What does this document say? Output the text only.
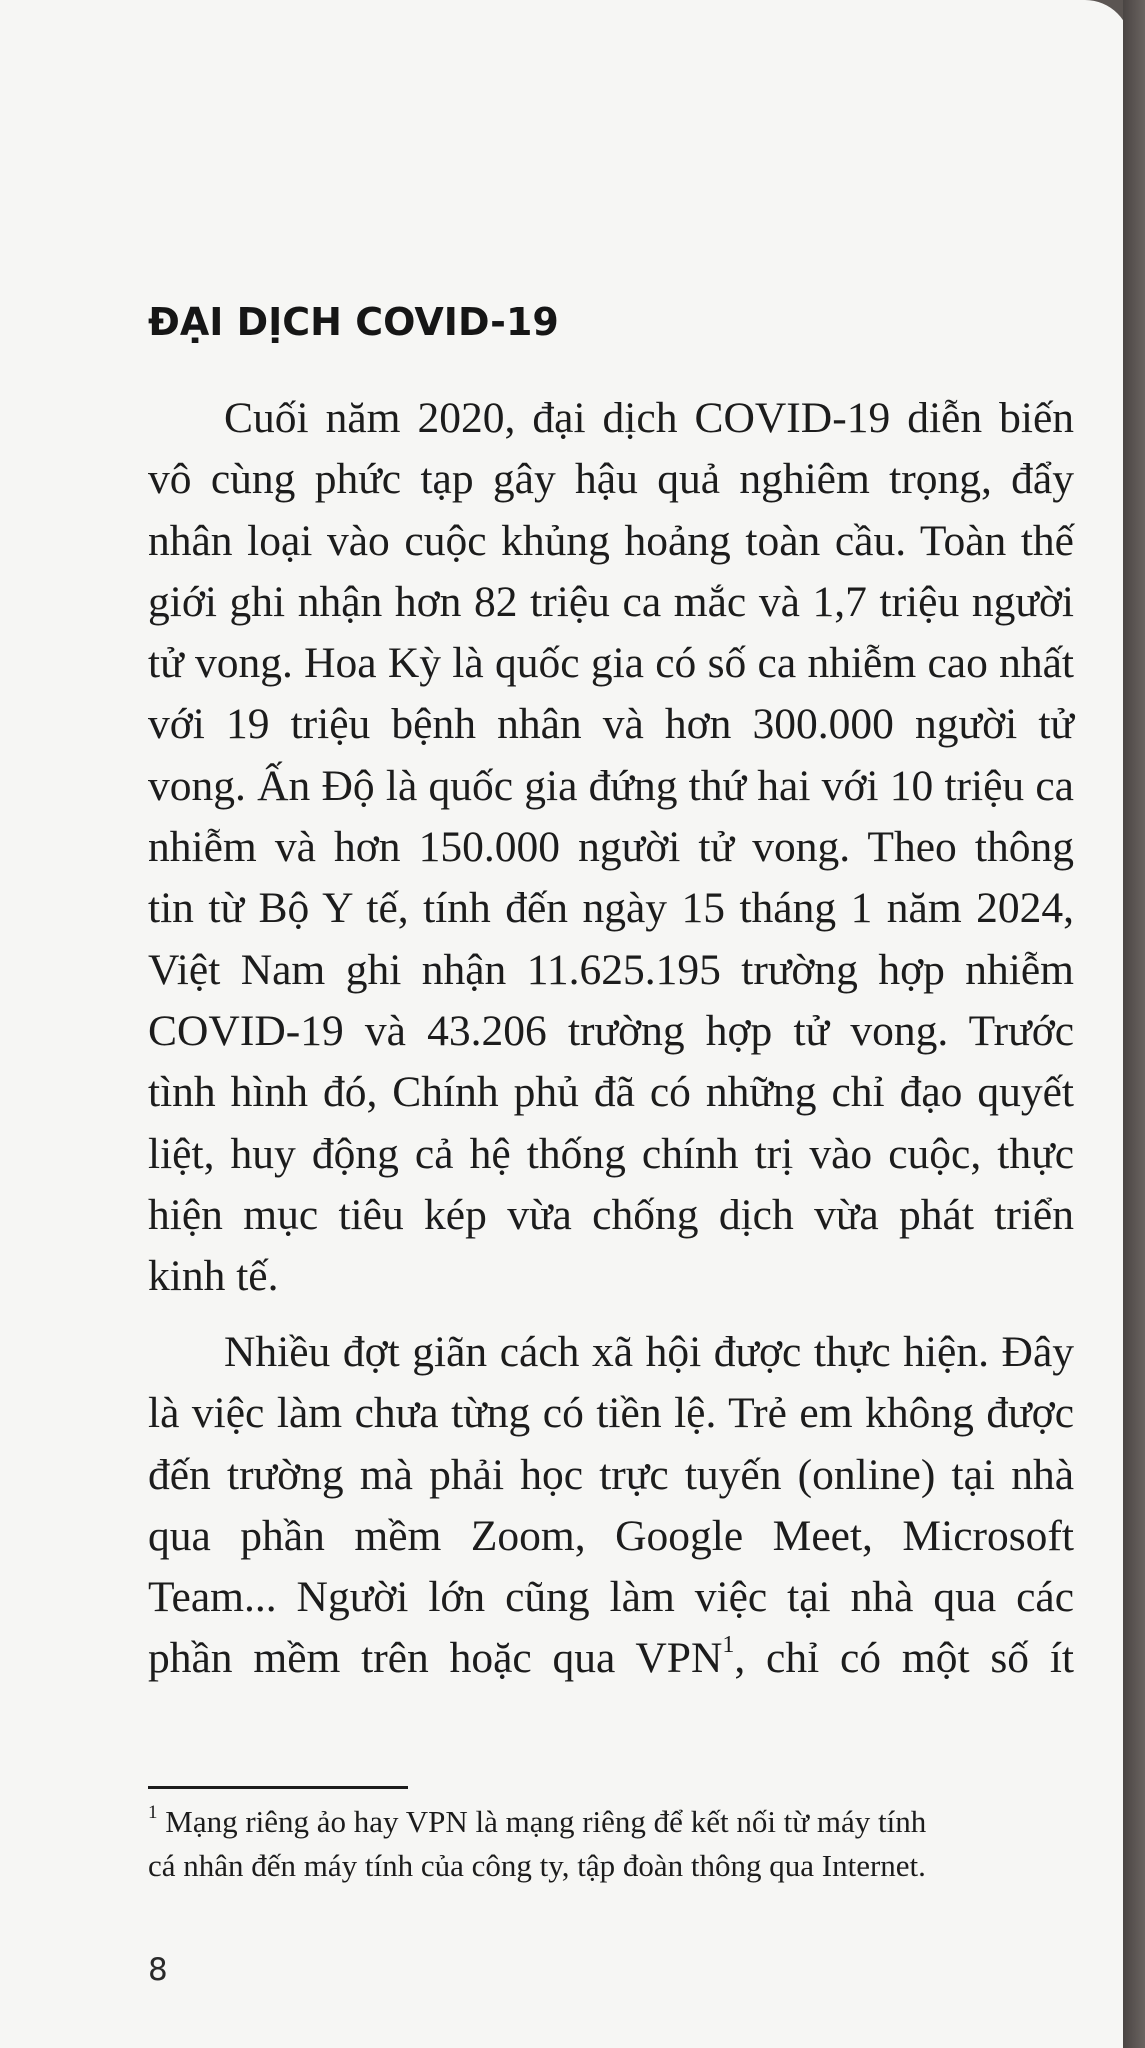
ĐẠI DỊCH COVID-19

Cuối năm 2020, đại dịch COVID-19 diễn biến
vô cùng phức tạp gây hậu quả nghiêm trọng, đẩy
nhân loại vào cuộc khủng hoảng toàn cầu. Toàn thế
giới ghi nhận hơn 82 triệu ca mắc và 1,7 triệu người
tử vong. Hoa Kỳ là quốc gia có số ca nhiễm cao nhất
với 19 triệu bệnh nhân và hơn 300.000 người tử
vong. Ấn Độ là quốc gia đứng thứ hai với 10 triệu ca
nhiễm và hơn 150.000 người tử vong. Theo thông
tin từ Bộ Y tế, tính đến ngày 15 tháng 1 năm 2024,
Việt Nam ghi nhận 11.625.195 trường hợp nhiễm
COVID-19 và 43.206 trường hợp tử vong. Trước
tình hình đó, Chính phủ đã có những chỉ đạo quyết
liệt, huy động cả hệ thống chính trị vào cuộc, thực
hiện mục tiêu kép vừa chống dịch vừa phát triển
kinh tế.

Nhiều đợt giãn cách xã hội được thực hiện. Đây
là việc làm chưa từng có tiền lệ. Trẻ em không được
đến trường mà phải học trực tuyến (online) tại nhà
qua phần mềm Zoom, Google Meet, Microsoft
Team... Người lớn cũng làm việc tại nhà qua các
phần mềm trên hoặc qua VPN$^1$, chỉ có một số ít

$^1$ Mạng riêng ảo hay VPN là mạng riêng để kết nối từ máy tính
cá nhân đến máy tính của công ty, tập đoàn thông qua Internet.

8
